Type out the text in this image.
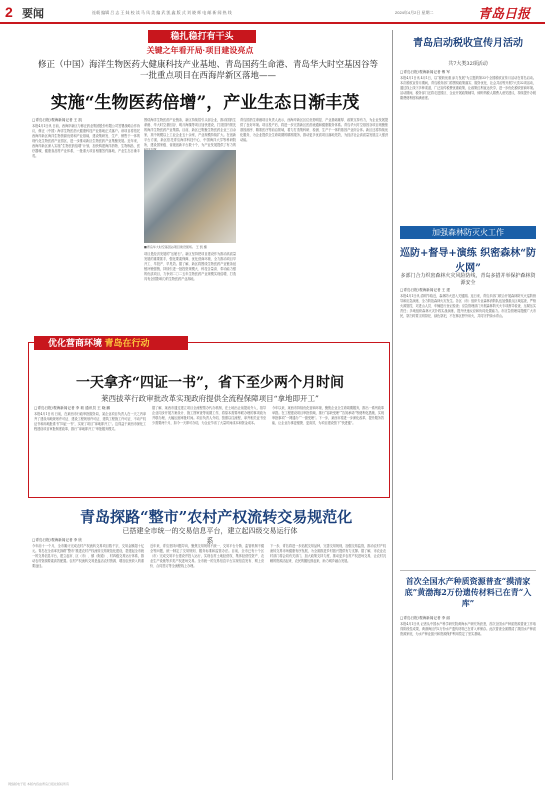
2 要闻	连载 编辑 吕 志 王 妹 校 读 马 凤 美 编 武 凯 鑫 版 式 刘 晓 辉 电 邮 新 闻 热 线	2024年4月2日 星期二	青岛日报
稳扎稳打有干头
关键之年看开局·项目建设亮点
修正（中国）海洋生物医药大健康科技产业基地、青岛国药生命港、青岛华大时空基因谷等一批重点项目在西海岸新区落地——
实施“生物医药倍增”，产业生态日渐丰茂
□青岛日报/观海新闻记者 王 凯
本报4月1日讯 日前，西海岸新区与修正药业集团股份有限公司签署战略合作协议，修正（中国）海洋生物医药大健康科技产业基地正式落户。该项目将依托西海岸新区海洋生物资源优势和产业基础，建设集研发、生产、销售于一体的现代化生物医药产业园区，进一步推动新区生物医药产业集聚发展。近年来，西海岸新区深入实施“生物医药倍增”计划，加快构建海洋药物、生物制品、医疗器械、健康食品等产业体系，一批重大项目相继签约落地，产业生态日渐丰茂。
围绕海洋生物医药产业链条，新区持续招引头部企业，推动国药生命港、华大时空基因谷、明月海藻等项目加快建设，打造国内领先的海洋生物医药产业集群。目前，新区已集聚生物医药企业三百余家，其中规模以上工业企业五十余家，产业规模持续扩大。在创新平台方面，新区依托青岛海洋科技中心、中国海洋大学等科研院所，建设国家级、省级创新平台数十个，为产业发展提供了有力的
■青岛华大时空基因谷项目建设现场。 王 凯 摄
项目是经济发展的“压舱石”。新区坚持把项目建设作为推动高质量发展的重要抓手，强化要素保障，优化营商环境，全力推动项目早开工、早投产、早见效。据了解，新区将围绕生物医药产业链条延链补链强链，持续引进一批投资规模大、科技含量高、带动能力强的优质项目，力争到二〇二五年生物医药产业规模实现倍增，打造具有全国影响力的生物医药产业高地。
青岛国药生命港项目负责人表示，西海岸新区区位优势明显、产业基础雄厚、政策支持有力，为企业发展提供了良好环境。项目投产后，将进一步完善新区医药流通和健康服务体系。青岛华大时空基因谷项目则聚焦基因测序、精准医疗等前沿领域，着力打造集科研、检测、生产于一体的基因产业综合体。新区还将持续优化服务，为企业提供全生命周期的精准服务，推动更多优质项目落地见效，为经济社会高质量发展注入强劲动能。
优化营商环境 青岛在行动
一天拿齐“四证一书”，省下至少两个月时间
莱西拔萃行政审批改革实现政府提供全流程保障项目“拿地即开工”
□青岛日报/观海新闻记者 李 莉 通讯员 王 晓 鹏
本报4月1日讯 日前，在莱西市行政审批服务局，某企业项目负责人在一天之内拿齐了建设用地规划许可证、建设工程规划许可证、建筑工程施工许可证、不动产权证书和用地批准书“四证一书”，实现了项目“拿地即开工”。这得益于莱西市深化工程建设项目审批制度改革，推行“拿地即开工”审批服务模式。
据了解，莱西市通过建立项目全流程帮办代办机制，在土地出让前提前介入，指导企业同步开展方案设计、施工图审查等前期工作，将原本需要串联办理的事项改为并联办理，大幅压缩审批时间。项目负责人介绍，按照以往流程，拿齐相关证书至少需要两个月，如今一天即可办结，为企业节省了大量时间成本和资金成本。
今年以来，莱西市持续优化营商环境，聚焦企业全生命周期服务，推出一系列改革举措。在工程建设项目审批领域，推行“容缺受理”“告知承诺”等便利化措施，实现审批事项“一网通办”“一窗受理”。下一步，莱西市将进一步深化改革，提升服务效能，让企业办事更便捷、更高效，为项目建设按下“快进键”。
青岛探路“整市”农村产权流转交易规范化
已搭建全市统一的交易信息平台，建立起四级交易运行体系
□青岛日报/观海新闻记者 李 欣
今年前十一个月，全市累计完成农村产权流转交易项目数千宗，交易金额超十亿元。青岛在全省率先探路“整市”推进农村产权流转交易规范化建设，搭建起全市统一的交易信息平台，建立起市、区（市）、镇（街道）、村四级交易运行体系，推动农村资源要素高效配置。农村产权流转交易是盘活农村资源、增加农民收入的重要途径。
近年来，青岛坚持问题导向，聚焦交易规则不统一、交易平台分散、监管机制不健全等问题，统一制定了交易规则、服务标准和监管办法。目前，全市已有十个区（市）完成交易平台建设并投入运行，实现农村土地经营权、集体经营性资产、农业生产设施等多类产权进场交易。全市统一的交易信息平台实现信息发布、网上竞价、合同签订等全流程线上办理。
下一步，青岛将进一步拓展交易品种，完善交易规则，加强交易监管，推动农村产权流转交易市场健康有序发展，为全面推进乡村振兴提供有力支撑。据了解，市农业农村部门将会同有关部门，加大政策支持力度，推动更多农村产权进场交易，让农村沉睡的资源活起来、农民的腰包鼓起来，助力城乡融合发展。
青岛启动税收宣传月活动
共7大类32项活动
□青岛日报/观海新闻记者 傅 军
本报4月1日讯 4月1日，以“税收优惠 添力发展”为主题的第33个全国税收宣传月活动在青岛启动。本次税收宣传月期间，青岛税务部门将围绕政策落实、服务优化、社会共治等开展7大类32项活动，通过线上线下多种渠道，广泛宣传税费优惠政策，让政策红利直达快享，进一步优化税收营商环境。活动期间，税务部门还将走进园区、企业开展政策辅导，倾听纳税人缴费人意见建议，持续提升办税缴费便利度和满意度。
加强森林防灭火工作
巡防+督导+演练 织密森林“防火网”
多部门合力织密森林火灾风险防线，青岛多措并举保护森林资源安全
□青岛日报/观海新闻记者 王 建
本报4月1日讯 清明节临近，森林防火进入关键期。连日来，青岛多部门联合开展森林防灭火巡防督导和应急演练，全力防范森林火灾发生。各区（市）组织专业森林消防队伍加强重点区域巡查，严格火源管控，对进山人员、车辆进行登记检查；应急管理部门开展森林防灭火专项督导检查，压紧压实责任；多地组织森林火灾扑救实战演练，提升快速反应和协同处置能力。市应急管理局提醒广大市民，祭扫时要文明祭祀、绿色祭祀，不在林区野外用火，共同守护绿水青山。
首次全国水产种质资源普查“摸清家底”黄渤海2万份遗传材料已在青“入库”
□青岛日报/观海新闻记者 李 丽
本报4月1日讯 记者从中国水产科学研究院黄海水产研究所获悉，首次全国水产种质资源普查工作取得阶段性成果，黄渤海区约2万份水产遗传材料已在青入库保存。此次普查全面摸清了我国水产种质资源家底，为水产种业振兴和资源保护利用奠定了坚实基础。
网络版电子报 本版内容由青岛日报社版权所有
